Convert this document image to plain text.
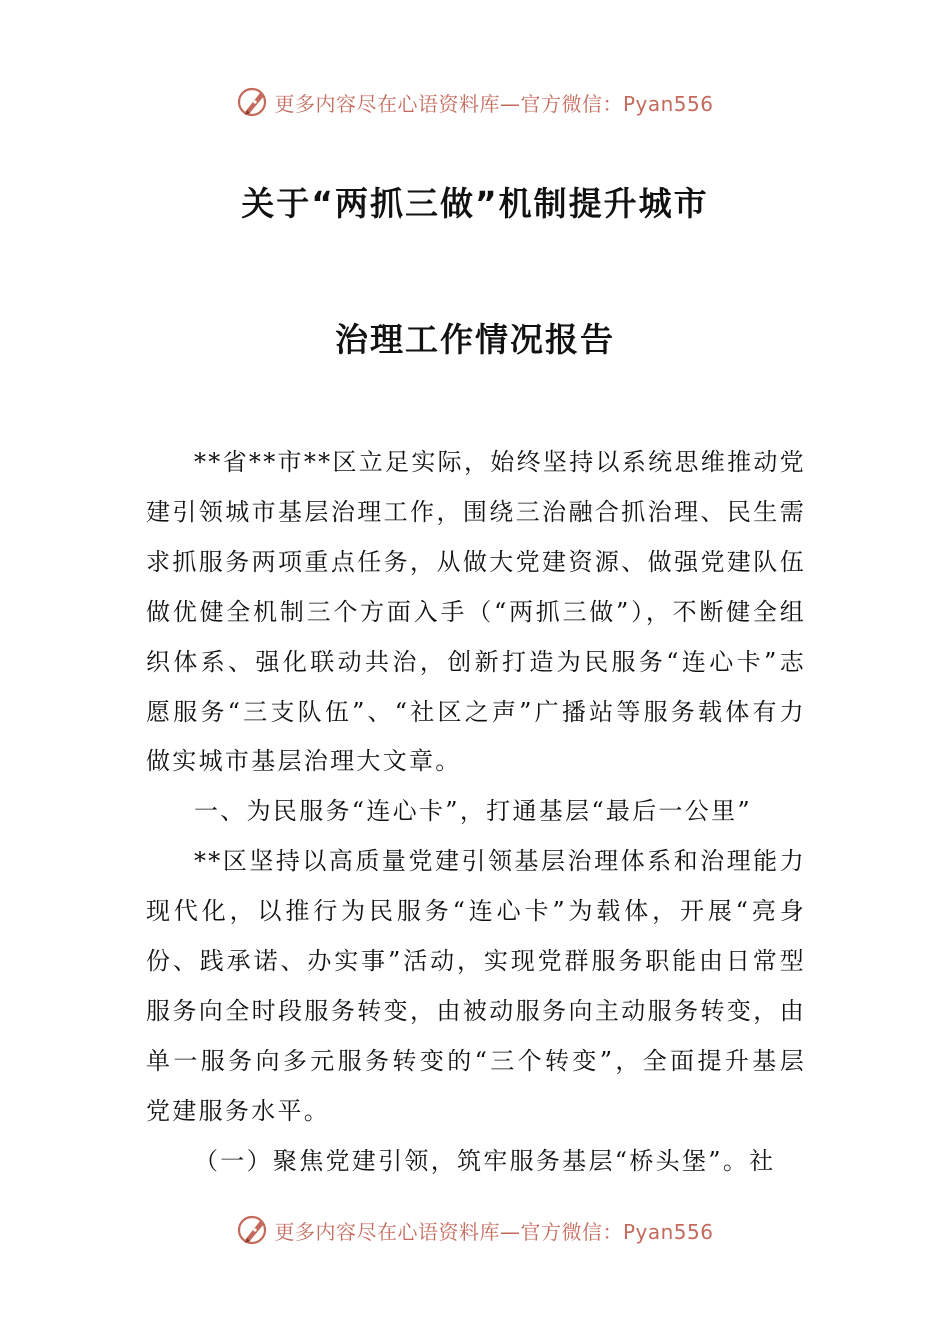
更多内容尽在心语资料库—官方微信：Pyan556
关于“两抓三做”机制提升城市
治理工作情况报告

**省**市**区立足实际，始终坚持以系统思维推动党建引领城市基层治理工作，围绕三治融合抓治理、民生需求抓服务两项重点任务，从做大党建资源、做强党建队伍做优健全机制三个方面入手（“两抓三做”），不断健全组织体系、强化联动共治，创新打造为民服务“连心卡”志愿服务“三支队伍”、“社区之声”广播站等服务载体有力做实城市基层治理大文章。

一、为民服务“连心卡”，打通基层“最后一公里”

**区坚持以高质量党建引领基层治理体系和治理能力现代化，以推行为民服务“连心卡”为载体，开展“亮身份、践承诺、办实事”活动，实现党群服务职能由日常型服务向全时段服务转变，由被动服务向主动服务转变，由单一服务向多元服务转变的“三个转变”，全面提升基层党建服务水平。

（一）聚焦党建引领，筑牢服务基层“桥头堡”。社

更多内容尽在心语资料库—官方微信：Pyan556
